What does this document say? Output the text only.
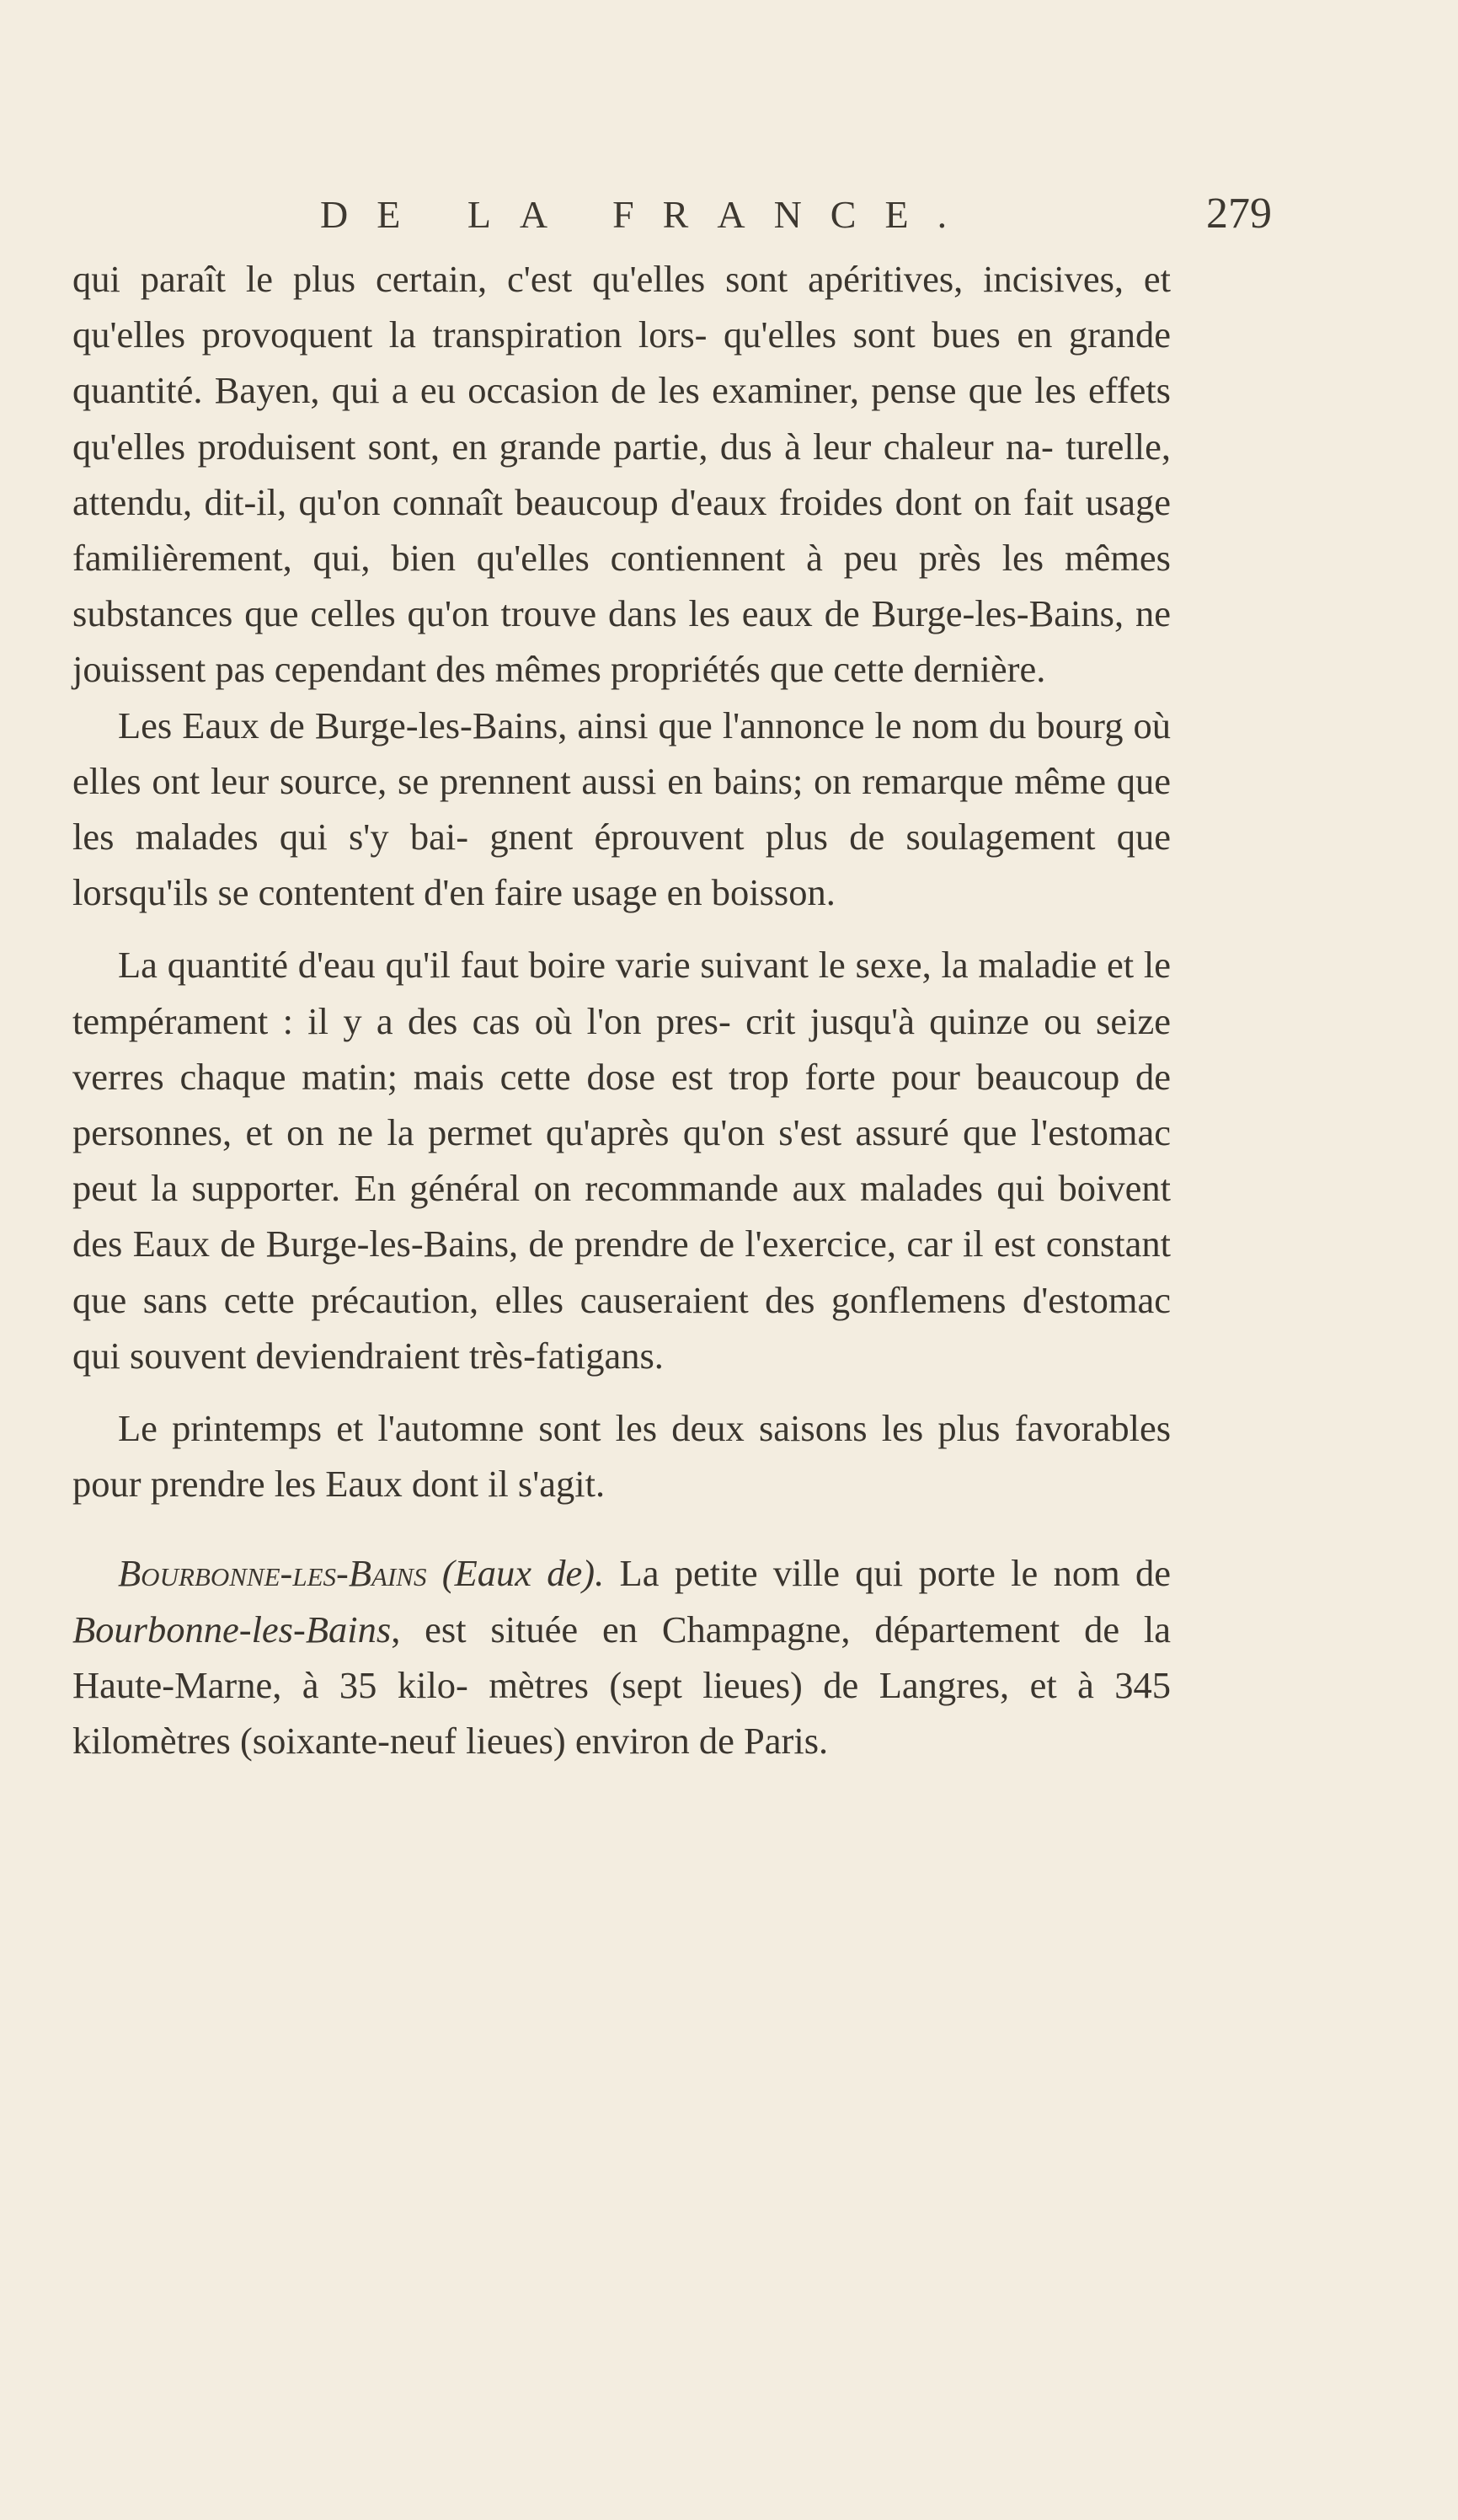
DE LA FRANCE.	279

qui paraît le plus certain, c'est qu'elles sont apéritives, incisives, et qu'elles provoquent la transpiration lors- qu'elles sont bues en grande quantité. Bayen, qui a eu occasion de les examiner, pense que les effets qu'elles produisent sont, en grande partie, dus à leur chaleur na- turelle, attendu, dit-il, qu'on connaît beaucoup d'eaux froides dont on fait usage familièrement, qui, bien qu'elles contiennent à peu près les mêmes substances que celles qu'on trouve dans les eaux de Burge-les-Bains, ne jouissent pas cependant des mêmes propriétés que cette dernière.

Les Eaux de Burge-les-Bains, ainsi que l'annonce le nom du bourg où elles ont leur source, se prennent aussi en bains; on remarque même que les malades qui s'y bai- gnent éprouvent plus de soulagement que lorsqu'ils se contentent d'en faire usage en boisson.

La quantité d'eau qu'il faut boire varie suivant le sexe, la maladie et le tempérament : il y a des cas où l'on pres- crit jusqu'à quinze ou seize verres chaque matin; mais cette dose est trop forte pour beaucoup de personnes, et on ne la permet qu'après qu'on s'est assuré que l'estomac peut la supporter. En général on recommande aux malades qui boivent des Eaux de Burge-les-Bains, de prendre de l'exercice, car il est constant que sans cette précaution, elles causeraient des gonflemens d'estomac qui souvent deviendraient très-fatigans.

Le printemps et l'automne sont les deux saisons les plus favorables pour prendre les Eaux dont il s'agit.

Bourbonne-les-Bains (Eaux de). La petite ville qui porte le nom de Bourbonne-les-Bains, est située en Champagne, département de la Haute-Marne, à 35 kilo- mètres (sept lieues) de Langres, et à 345 kilomètres (soixante-neuf lieues) environ de Paris.
